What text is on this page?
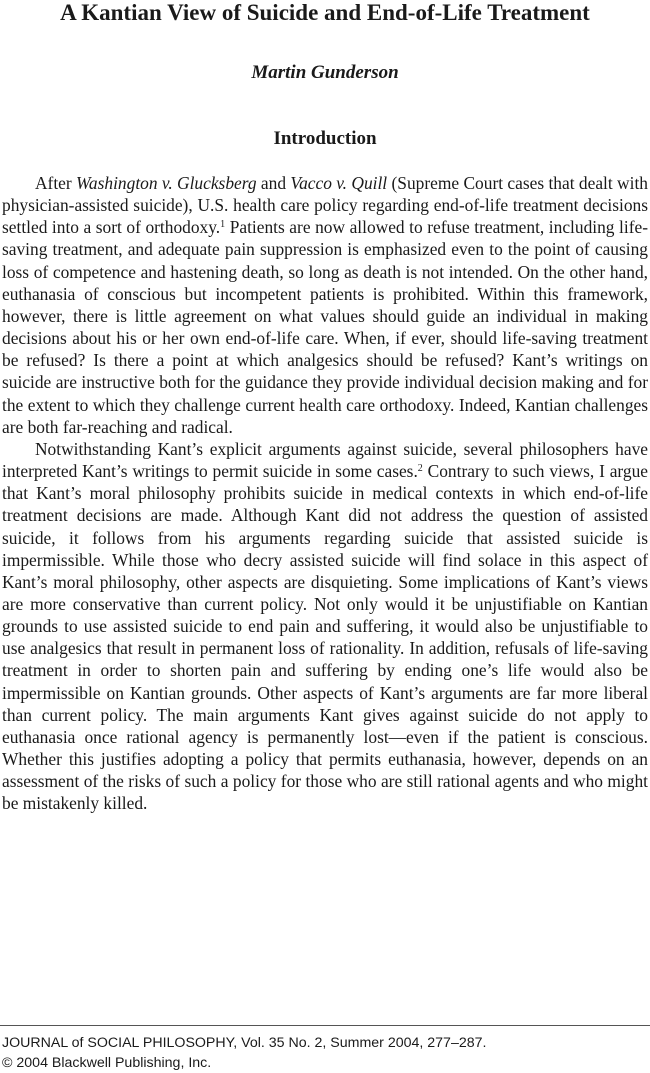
A Kantian View of Suicide and End-of-Life Treatment
Martin Gunderson
Introduction

After Washington v. Glucksberg and Vacco v. Quill (Supreme Court cases that dealt with physician-assisted suicide), U.S. health care policy regarding end-of-life treatment decisions settled into a sort of orthodoxy.$^1$ Patients are now allowed to refuse treatment, including life-saving treatment, and adequate pain suppression is emphasized even to the point of causing loss of competence and hastening death, so long as death is not intended. On the other hand, euthanasia of conscious but incompetent patients is prohibited. Within this framework, however, there is little agreement on what values should guide an individual in making decisions about his or her own end-of-life care. When, if ever, should life-saving treatment be refused? Is there a point at which analgesics should be refused? Kant’s writings on suicide are instructive both for the guidance they provide individual decision making and for the extent to which they challenge current health care orthodoxy. Indeed, Kantian challenges are both far-reaching and radical.

Notwithstanding Kant’s explicit arguments against suicide, several philosophers have interpreted Kant’s writings to permit suicide in some cases.$^2$ Contrary to such views, I argue that Kant’s moral philosophy prohibits suicide in medical contexts in which end-of-life treatment decisions are made. Although Kant did not address the question of assisted suicide, it follows from his arguments regarding suicide that assisted suicide is impermissible. While those who decry assisted suicide will find solace in this aspect of Kant’s moral philosophy, other aspects are disquieting. Some implications of Kant’s views are more conservative than current policy. Not only would it be unjustifiable on Kantian grounds to use assisted suicide to end pain and suffering, it would also be unjustifiable to use analgesics that result in permanent loss of rationality. In addition, refusals of life-saving treatment in order to shorten pain and suffering by ending one’s life would also be impermissible on Kantian grounds. Other aspects of Kant’s arguments are far more liberal than current policy. The main arguments Kant gives against suicide do not apply to euthanasia once rational agency is permanently lost—even if the patient is conscious. Whether this justifies adopting a policy that permits euthanasia, however, depends on an assessment of the risks of such a policy for those who are still rational agents and who might be mistakenly killed.

JOURNAL of SOCIAL PHILOSOPHY, Vol. 35 No. 2, Summer 2004, 277–287.
© 2004 Blackwell Publishing, Inc.
